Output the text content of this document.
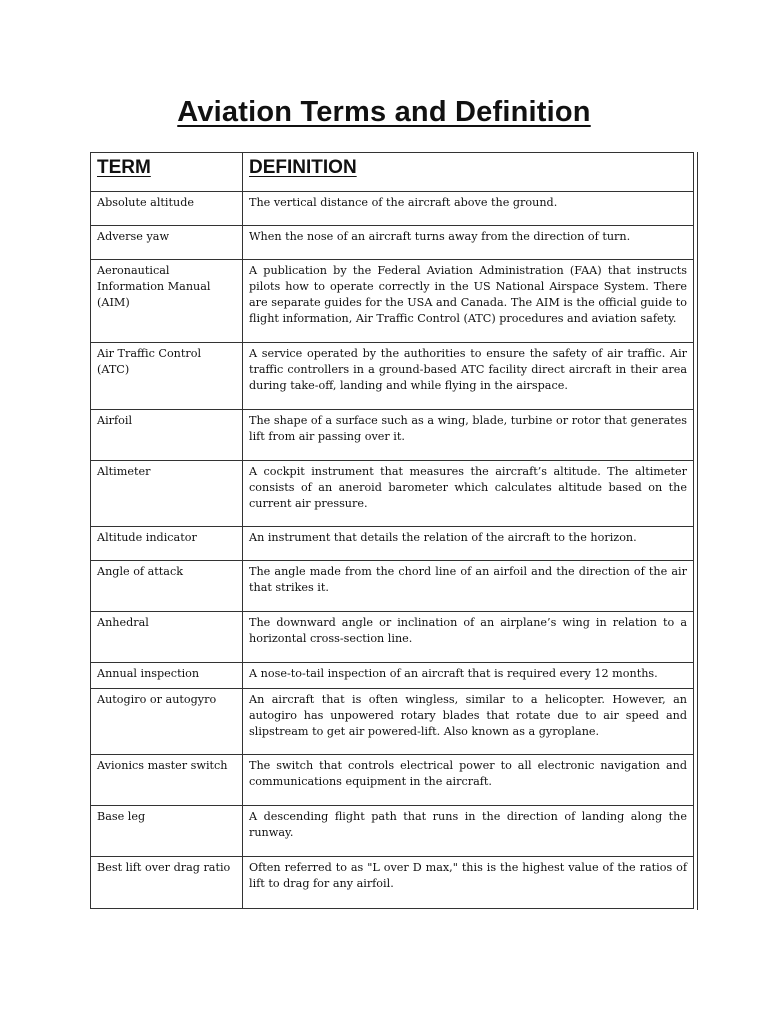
Aviation Terms and Definition
TERM	DEFINITION
Absolute altitude	The vertical distance of the aircraft above the ground.
Adverse yaw	When the nose of an aircraft turns away from the direction of turn.
Aeronautical Information Manual (AIM)	A publication by the Federal Aviation Administration (FAA) that instructs pilots how to operate correctly in the US National Airspace System. There are separate guides for the USA and Canada. The AIM is the official guide to flight information, Air Traffic Control (ATC) procedures and aviation safety.
Air Traffic Control (ATC)	A service operated by the authorities to ensure the safety of air traffic. Air traffic controllers in a ground-based ATC facility direct aircraft in their area during take-off, landing and while flying in the airspace.
Airfoil	The shape of a surface such as a wing, blade, turbine or rotor that generates lift from air passing over it.
Altimeter	A cockpit instrument that measures the aircraft’s altitude. The altimeter consists of an aneroid barometer which calculates altitude based on the current air pressure.
Altitude indicator	An instrument that details the relation of the aircraft to the horizon.
Angle of attack	The angle made from the chord line of an airfoil and the direction of the air that strikes it.
Anhedral	The downward angle or inclination of an airplane’s wing in relation to a horizontal cross-section line.
Annual inspection	A nose-to-tail inspection of an aircraft that is required every 12 months.
Autogiro or autogyro	An aircraft that is often wingless, similar to a helicopter. However, an autogiro has unpowered rotary blades that rotate due to air speed and slipstream to get air powered-lift. Also known as a gyroplane.
Avionics master switch	The switch that controls electrical power to all electronic navigation and communications equipment in the aircraft.
Base leg	A descending flight path that runs in the direction of landing along the runway.
Best lift over drag ratio	Often referred to as "L over D max," this is the highest value of the ratios of lift to drag for any airfoil.
